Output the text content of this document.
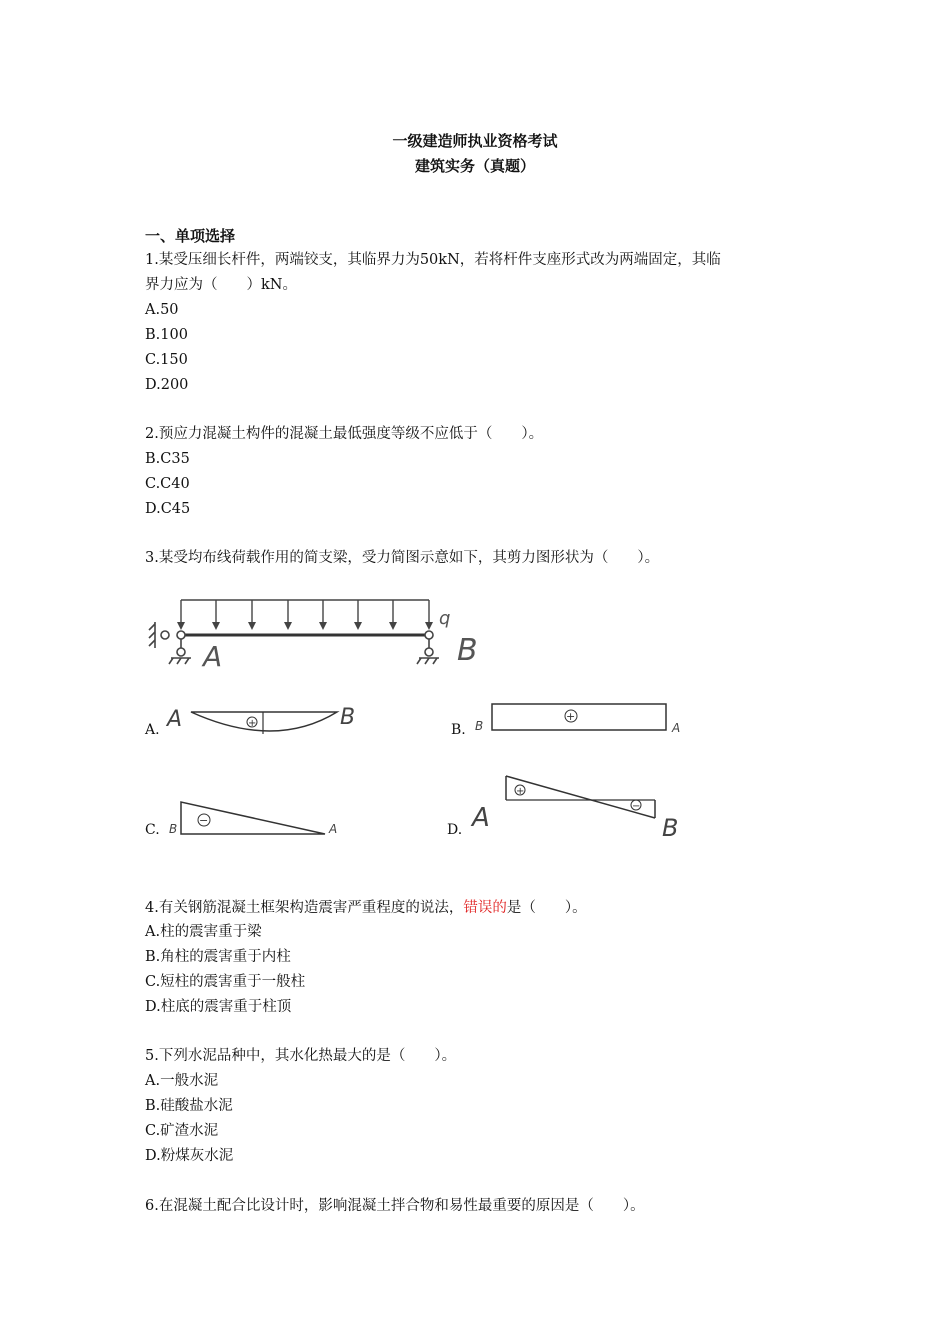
一级建造师执业资格考试
建筑实务（真题）
一、单项选择
1.某受压细长杆件，两端铰支，其临界力为50kN，若将杆件支座形式改为两端固定，其临
界力应为（　　）kN。
A.50
B.100
C.150
D.200
2.预应力混凝土构件的混凝土最低强度等级不应低于（　　）。
B.C35
C.C40
D.C45
3.某受均布线荷载作用的简支梁，受力简图示意如下，其剪力图形状为（　　）。
q
A	B
A. A	+	B	B. B
+
A
C. B
−
A	D. A
+
−
B
4.有关钢筋混凝土框架构造震害严重程度的说法，错误的是（　　）。
A.柱的震害重于梁
B.角柱的震害重于内柱
C.短柱的震害重于一般柱
D.柱底的震害重于柱顶
5.下列水泥品种中，其水化热最大的是（　　）。
A.一般水泥
B.硅酸盐水泥
C.矿渣水泥
D.粉煤灰水泥
6.在混凝土配合比设计时，影响混凝土拌合物和易性最重要的原因是（　　）。
